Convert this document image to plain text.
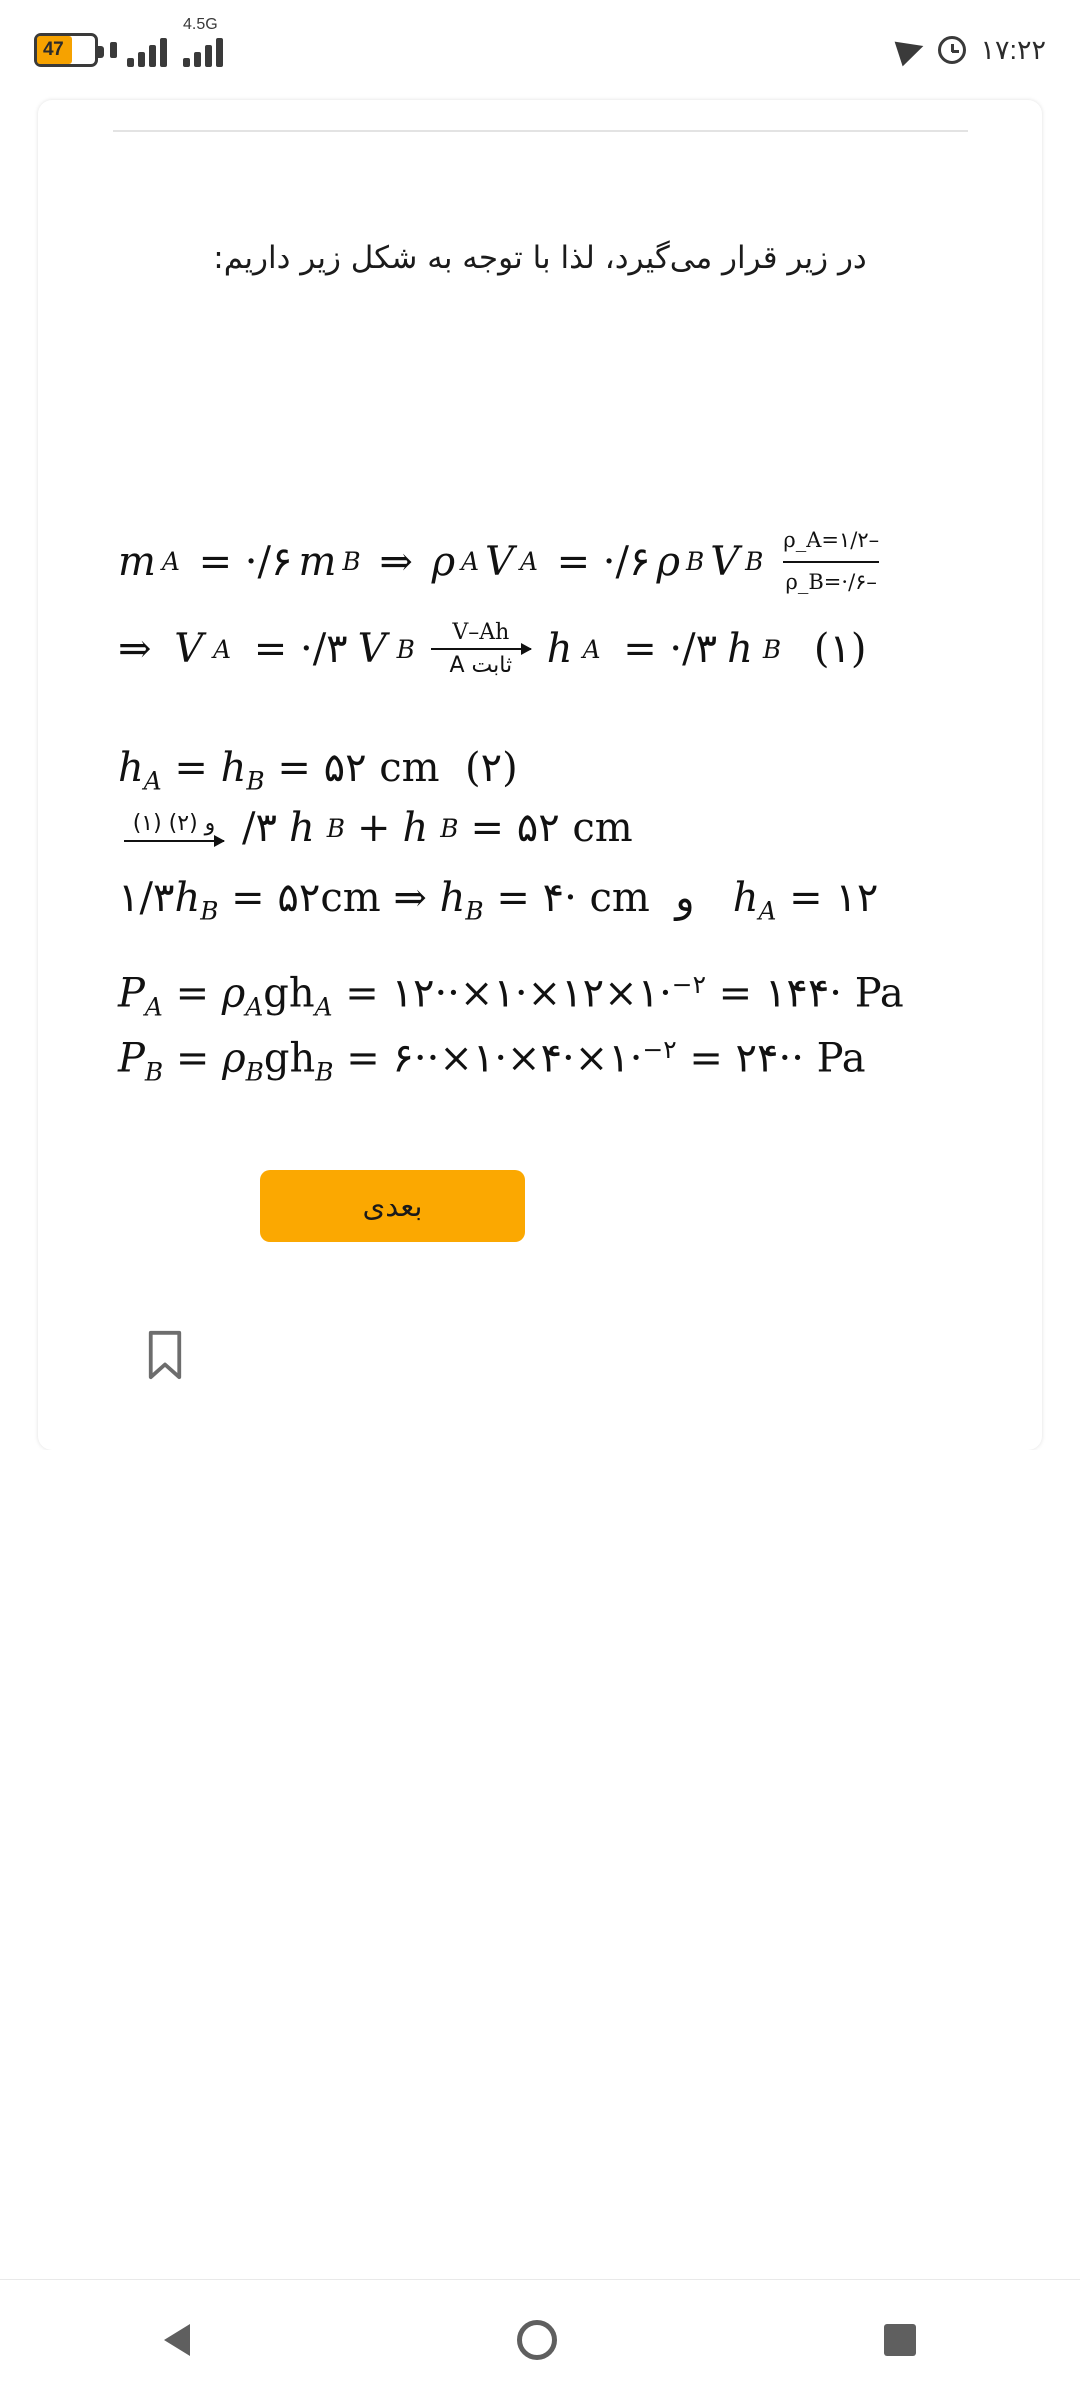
47
4.5G
۱۷:۲۲
در زیر قرار می‌گیرد، لذا با توجه به شکل زیر داریم:
m A = ·/۶ m B ⇒ ρ A V A = ·/۶ ρ B V B $\frac{\rho\_A=۱/۲-}{\rho\_B=\cdot/۶-}$
⇒ V A = ·/۳ V B
V–Ah
A ثابت h A = ·/۳ h B
(۱)
$h_A = h_B$ = ۵۲ cm  (۲)
(۱) و (۲) /۳ h B + h B = ۵۲ cm
$۱/۳h_B$ = ۵۲cm ⇒ $h_B$ = ۴· cm  و $h_A$ = ۱۲
$P_A = \rho_Agh_A$ = ۱۲··×۱·×۱۲×۱·$^{-۲}$ = ۱۴۴· Pa
$P_B = \rho_Bgh_B$ = ۶··×۱·×۴·×۱·$^{-۲}$ = ۲۴·· Pa
بعدی
